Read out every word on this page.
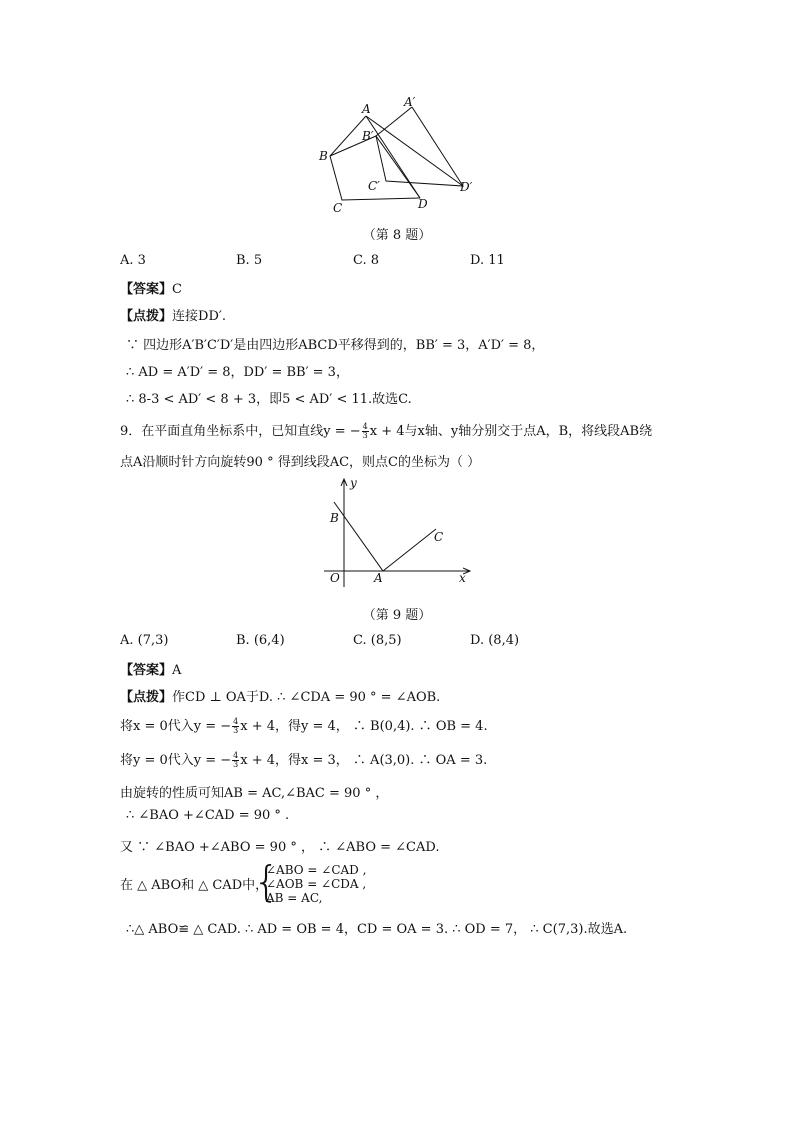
A	A′
B
B′
C
C′
D
D′
（第 8 题）
A. 3	B. 5	C. 8	D. 11
【答案】C
【点拨】连接DD′.
∵ 四边形A′B′C′D′是由四边形ABCD平移得到的，BB′ = 3，A′D′ = 8，
∴ AD = A′D′ = 8，DD′ = BB′ = 3，
∴ 8-3 < AD′ < 8 + 3，即5 < AD′ < 11.故选C.
9．在平面直角坐标系中，已知直线y = − $\frac{4}{3}$ x + 4与x轴、y轴分别交于点A，B，将线段AB绕
点A沿顺时针方向旋转90 ° 得到线段AC，则点C的坐标为（ ）
y
x
O	A
B
C
（第 9 题）
A. (7,3)	B. (6,4)	C. (8,5)	D. (8,4)
【答案】A
【点拨】作CD ⊥ OA于D. ∴ ∠CDA = 90 ° = ∠AOB.
将x = 0代入y = − $\frac{4}{3}$ x + 4，得y = 4， ∴ B(0,4). ∴ OB = 4.
将y = 0代入y = − $\frac{4}{3}$ x + 4，得x = 3， ∴ A(3,0). ∴ OA = 3.
由旋转的性质可知AB = AC,∠BAC = 90 ° ，
∴ ∠BAO +∠CAD = 90 ° .
又 ∵ ∠BAO +∠ABO = 90 ° ， ∴ ∠ABO = ∠CAD.
在 △ ABO和 △ CAD中，
{
∠ABO = ∠CAD ,
∠AOB = ∠CDA ,
AB = AC,
∴△ ABO≌ △ CAD. ∴ AD = OB = 4，CD = OA = 3. ∴ OD = 7， ∴ C(7,3).故选A.
